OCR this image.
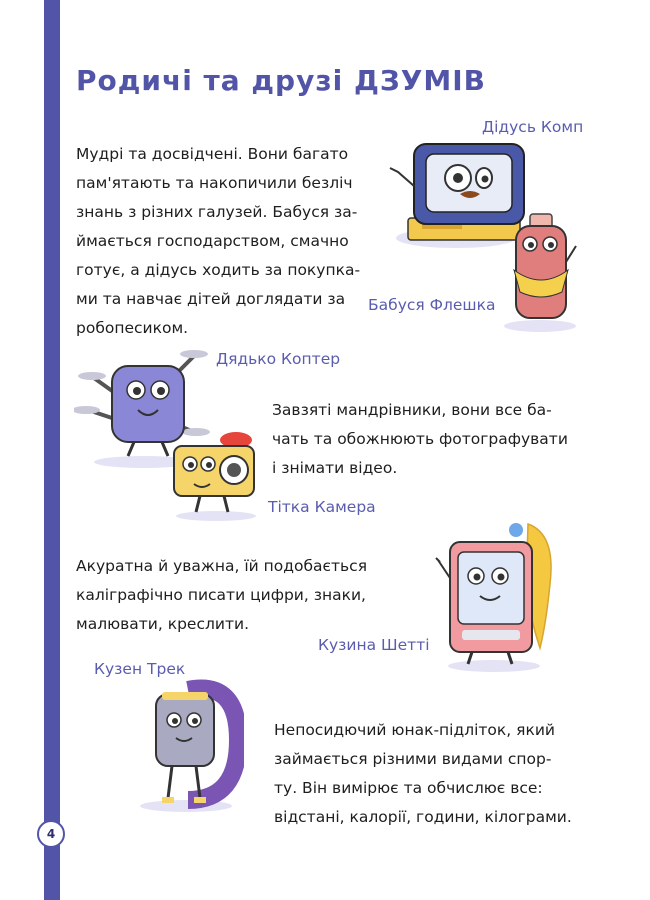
4
Родичі та друзі ДЗУМІВ

Мудрі та досвідчені. Вони багато
пам'ятають та накопичили безліч
знань з різних галузей. Бабуся за-
ймається господарством, смачно
готує, а дідусь ходить за покупка-
ми та навчає дітей доглядати за
робопесиком.

Дідусь Комп
Бабуся Флешка
Дядько Коптер

Завзяті мандрівники, вони все ба-
чать та обожнюють фотографувати
і знімати відео.

Тітка Камера

Акуратна й уважна, їй подобається
каліграфічно писати цифри, знаки,
малювати, креслити.

Кузина Шетті
Кузен Трек

Непосидючий юнак-підліток, який
займається різними видами спор-
ту. Він вимірює та обчислює все:
відстані, калорії, години, кілограми.
